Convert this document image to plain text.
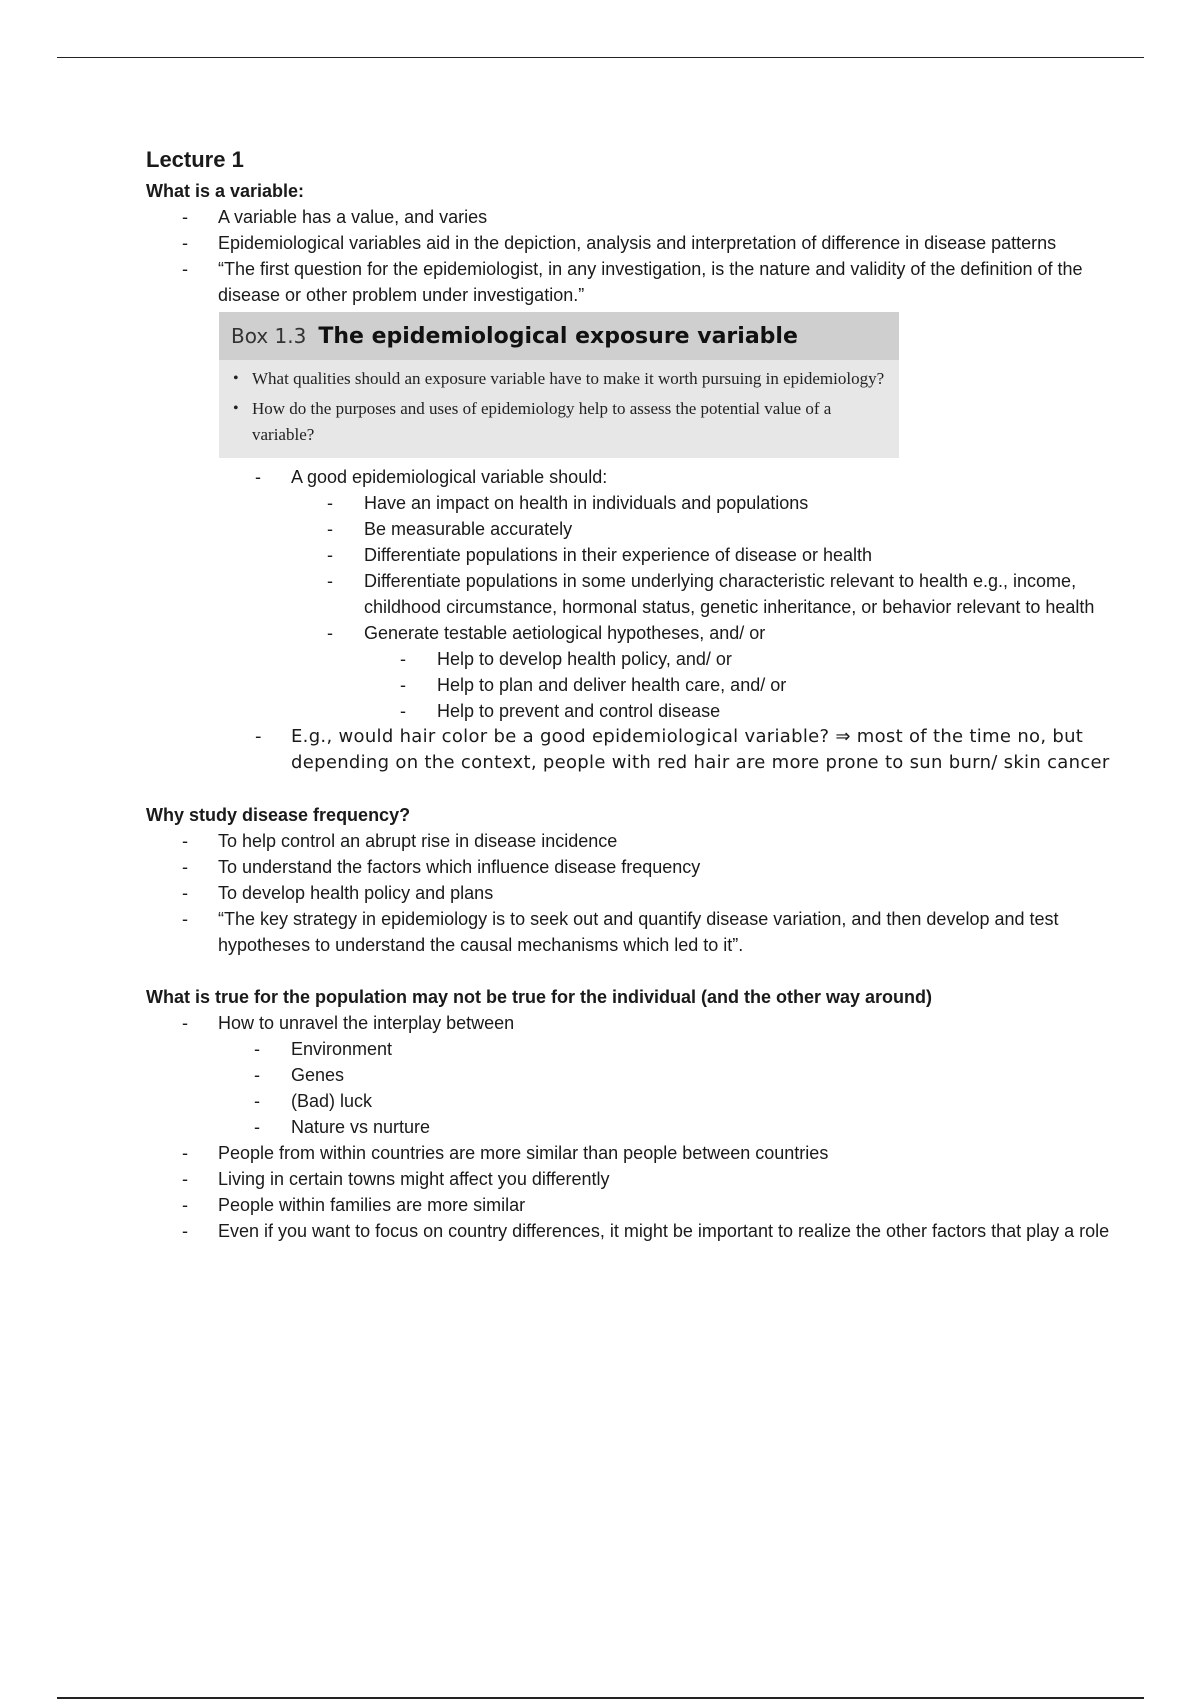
Lecture 1
What is a variable:
- A variable has a value, and varies
- Epidemiological variables aid in the depiction, analysis and interpretation of difference in disease patterns
- “The first question for the epidemiologist, in any investigation, is the nature and validity of the definition of the disease or other problem under investigation.”
Box 1.3 The epidemiological exposure variable
• What qualities should an exposure variable have to make it worth pursuing in epidemiology?
• How do the purposes and uses of epidemiology help to assess the potential value of a variable?
- A good epidemiological variable should:
- Have an impact on health in individuals and populations
- Be measurable accurately
- Differentiate populations in their experience of disease or health
- Differentiate populations in some underlying characteristic relevant to health e.g., income, childhood circumstance, hormonal status, genetic inheritance, or behavior relevant to health
- Generate testable aetiological hypotheses, and/ or
- Help to develop health policy, and/ or
- Help to plan and deliver health care, and/ or
- Help to prevent and control disease
- E.g., would hair color be a good epidemiological variable? ⇒ most of the time no, but depending on the context, people with red hair are more prone to sun burn/ skin cancer
Why study disease frequency?
- To help control an abrupt rise in disease incidence
- To understand the factors which influence disease frequency
- To develop health policy and plans
- “The key strategy in epidemiology is to seek out and quantify disease variation, and then develop and test hypotheses to understand the causal mechanisms which led to it”.
What is true for the population may not be true for the individual (and the other way around)
- How to unravel the interplay between
- Environment
- Genes
- (Bad) luck
- Nature vs nurture
- People from within countries are more similar than people between countries
- Living in certain towns might affect you differently
- People within families are more similar
- Even if you want to focus on country differences, it might be important to realize the other factors that play a role
